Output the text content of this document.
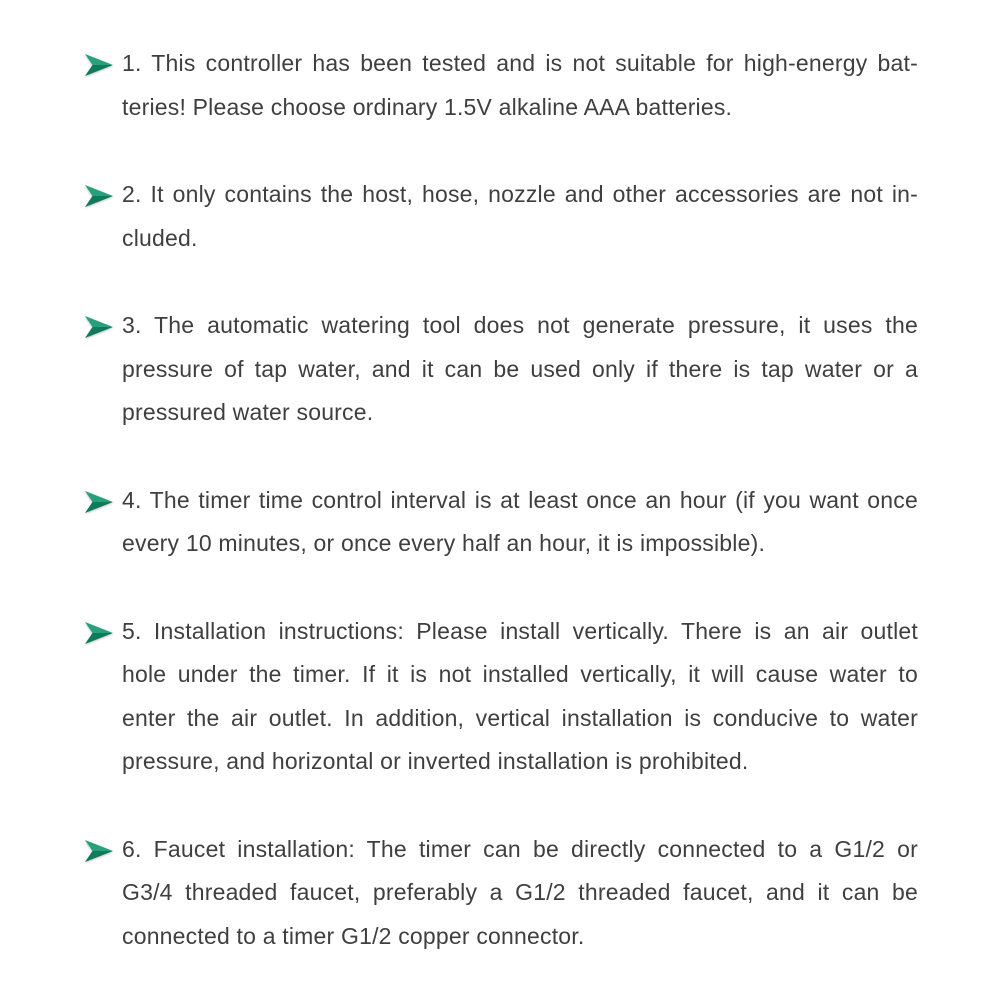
1. This controller has been tested and is not suitable for high-energy bat-
teries! Please choose ordinary 1.5V alkaline AAA batteries.
2. It only contains the host, hose, nozzle and other accessories are not in-
cluded.
3. The automatic watering tool does not generate pressure, it uses the
pressure of tap water, and it can be used only if there is tap water or a
pressured water source.
4. The timer time control interval is at least once an hour (if you want once
every 10 minutes, or once every half an hour, it is impossible).
5. Installation instructions: Please install vertically. There is an air outlet
hole under the timer. If it is not installed vertically, it will cause water to
enter the air outlet. In addition, vertical installation is conducive to water
pressure, and horizontal or inverted installation is prohibited.
6. Faucet installation: The timer can be directly connected to a G1/2 or
G3/4 threaded faucet, preferably a G1/2 threaded faucet, and it can be
connected to a timer G1/2 copper connector.
